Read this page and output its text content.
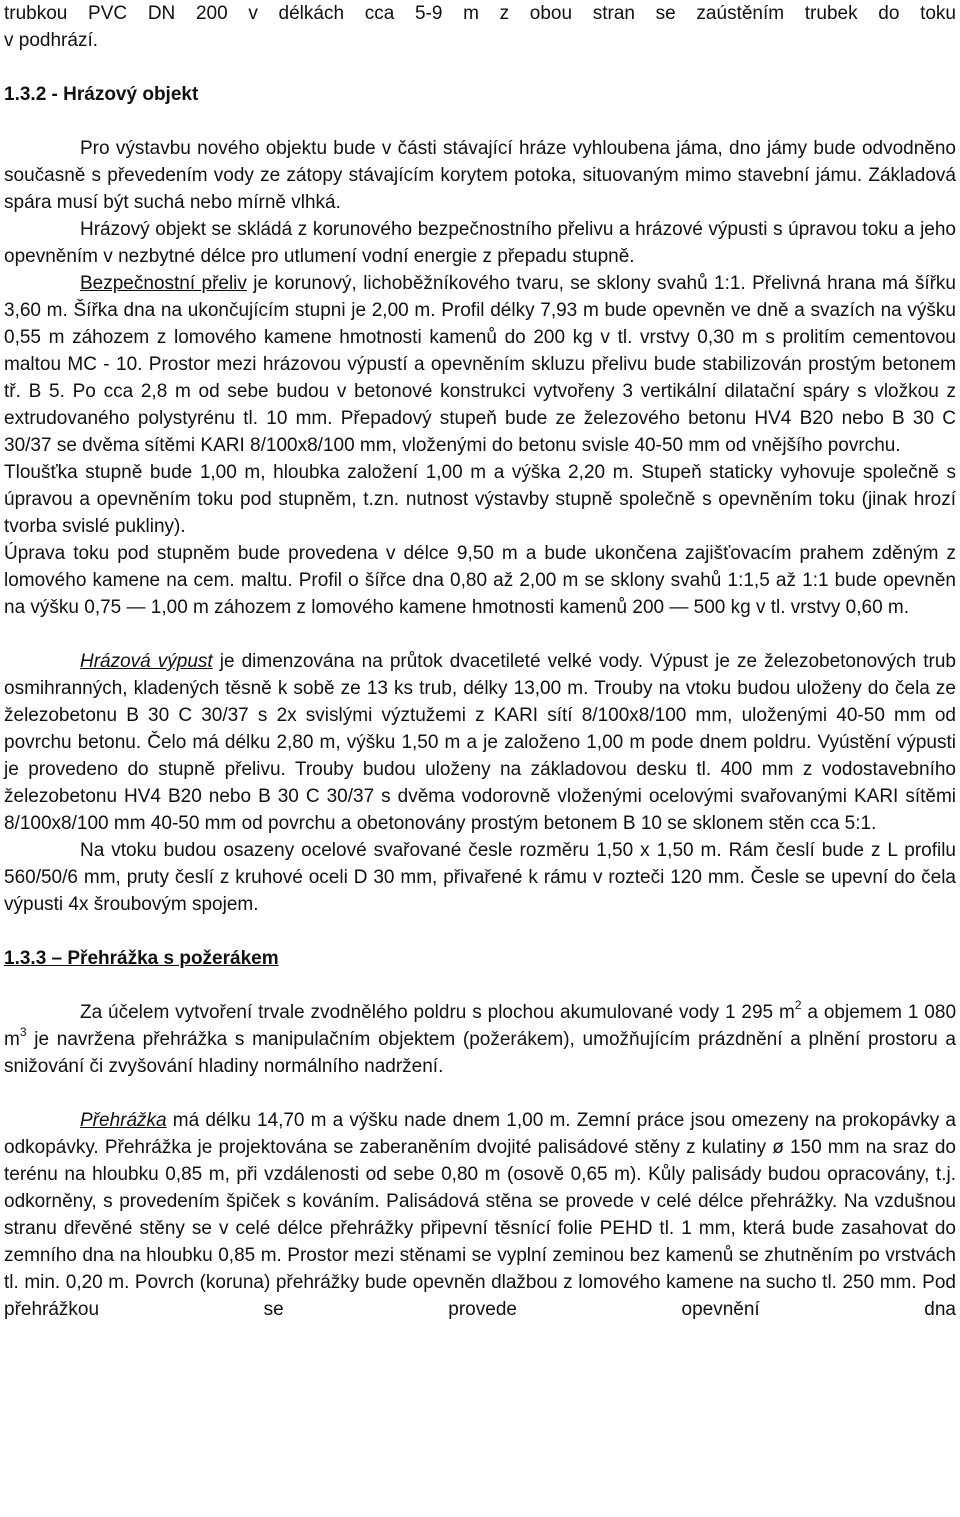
trubkou PVC DN 200 v délkách cca 5-9 m z obou stran se zaústěním trubek do toku

v podhrází.

1.3.2 - Hrázový objekt

Pro výstavbu nového objektu bude v části stávající hráze vyhloubena jáma, dno jámy bude odvodněno současně s převedením vody ze zátopy stávajícím korytem potoka, situovaným mimo stavební jámu. Základová spára musí být suchá nebo mírně vlhká.

Hrázový objekt se skládá z korunového bezpečnostního přelivu a hrázové výpusti s úpravou toku a jeho opevněním v nezbytné délce pro utlumení vodní energie z přepadu stupně.

Bezpečnostní přeliv je korunový, lichoběžníkového tvaru, se sklony svahů 1:1. Přelivná hrana má šířku 3,60 m. Šířka dna na ukončujícím stupni je 2,00 m. Profil délky 7,93 m bude opevněn ve dně a svazích na výšku 0,55 m záhozem z lomového kamene hmotnosti kamenů do 200 kg v tl. vrstvy 0,30 m s prolitím cementovou maltou MC - 10. Prostor mezi hrázovou výpustí a opevněním skluzu přelivu bude stabilizován prostým betonem tř. B 5. Po cca 2,8 m od sebe budou v betonové konstrukci vytvořeny 3 vertikální dilatační spáry s vložkou z extrudovaného polystyrénu tl. 10 mm. Přepadový stupeň bude ze železového betonu HV4 B20 nebo B 30 C 30/37 se dvěma sítěmi KARI 8/100x8/100 mm, vloženými do betonu svisle 40-50 mm od vnějšího povrchu.

Tloušťka stupně bude 1,00 m, hloubka založení 1,00 m a výška 2,20 m. Stupeň staticky vyhovuje společně s úpravou a opevněním toku pod stupněm, t.zn. nutnost výstavby stupně společně s opevněním toku (jinak hrozí tvorba svislé pukliny).

Úprava toku pod stupněm bude provedena v délce 9,50 m a bude ukončena zajišťovacím prahem zděným z lomového kamene na cem. maltu. Profil o šířce dna 0,80 až 2,00 m se sklony svahů 1:1,5 až 1:1 bude opevněn na výšku 0,75 — 1,00 m záhozem z lomového kamene hmotnosti kamenů 200 — 500 kg v tl. vrstvy 0,60 m.

Hrázová výpust je dimenzována na průtok dvacetileté velké vody. Výpust je ze železobetonových trub osmihranných, kladených těsně k sobě ze 13 ks trub, délky 13,00 m. Trouby na vtoku budou uloženy do čela ze železobetonu B 30 C 30/37 s 2x svislými výztužemi z KARI sítí 8/100x8/100 mm, uloženými 40-50 mm od povrchu betonu. Čelo má délku 2,80 m, výšku 1,50 m a je založeno 1,00 m pode dnem poldru. Vyústění výpusti je provedeno do stupně přelivu. Trouby budou uloženy na základovou desku tl. 400 mm z vodostavebního železobetonu HV4 B20 nebo B 30 C 30/37 s dvěma vodorovně vloženými ocelovými svařovanými KARI sítěmi 8/100x8/100 mm 40-50 mm od povrchu a obetonovány prostým betonem B 10 se sklonem stěn cca 5:1.

Na vtoku budou osazeny ocelové svařované česle rozměru 1,50 x 1,50 m. Rám česlí bude z L profilu 560/50/6 mm, pruty česlí z kruhové oceli D 30 mm, přivařené k rámu v rozteči 120 mm. Česle se upevní do čela výpusti 4x šroubovým spojem.

1.3.3 – Přehrážka s požerákem

Za účelem vytvoření trvale zvodnělého poldru s plochou akumulované vody 1 295 $m^2$ a objemem 1 080 $m^3$ je navržena přehrážka s manipulačním objektem (požerákem), umožňujícím prázdnění a plnění prostoru a snižování či zvyšování hladiny normálního nadržení.

Přehrážka má délku 14,70 m a výšku nade dnem 1,00 m. Zemní práce jsou omezeny na prokopávky a odkopávky. Přehrážka je projektována se zaberaněním dvojité palisádové stěny z kulatiny ø 150 mm na sraz do terénu na hloubku 0,85 m, při vzdálenosti od sebe 0,80 m (osově 0,65 m). Kůly palisády budou opracovány, t.j. odkorněny, s provedením špiček s kováním. Palisádová stěna se provede v celé délce přehrážky. Na vzdušnou stranu dřevěné stěny se v celé délce přehrážky připevní těsnící folie PEHD tl. 1 mm, která bude zasahovat do zemního dna na hloubku 0,85 m. Prostor mezi stěnami se vyplní zeminou bez kamenů se zhutněním po vrstvách tl. min. 0,20 m. Povrch (koruna) přehrážky bude opevněn dlažbou z lomového kamene na sucho tl. 250 mm. Pod přehrážkou se provede opevnění dna
